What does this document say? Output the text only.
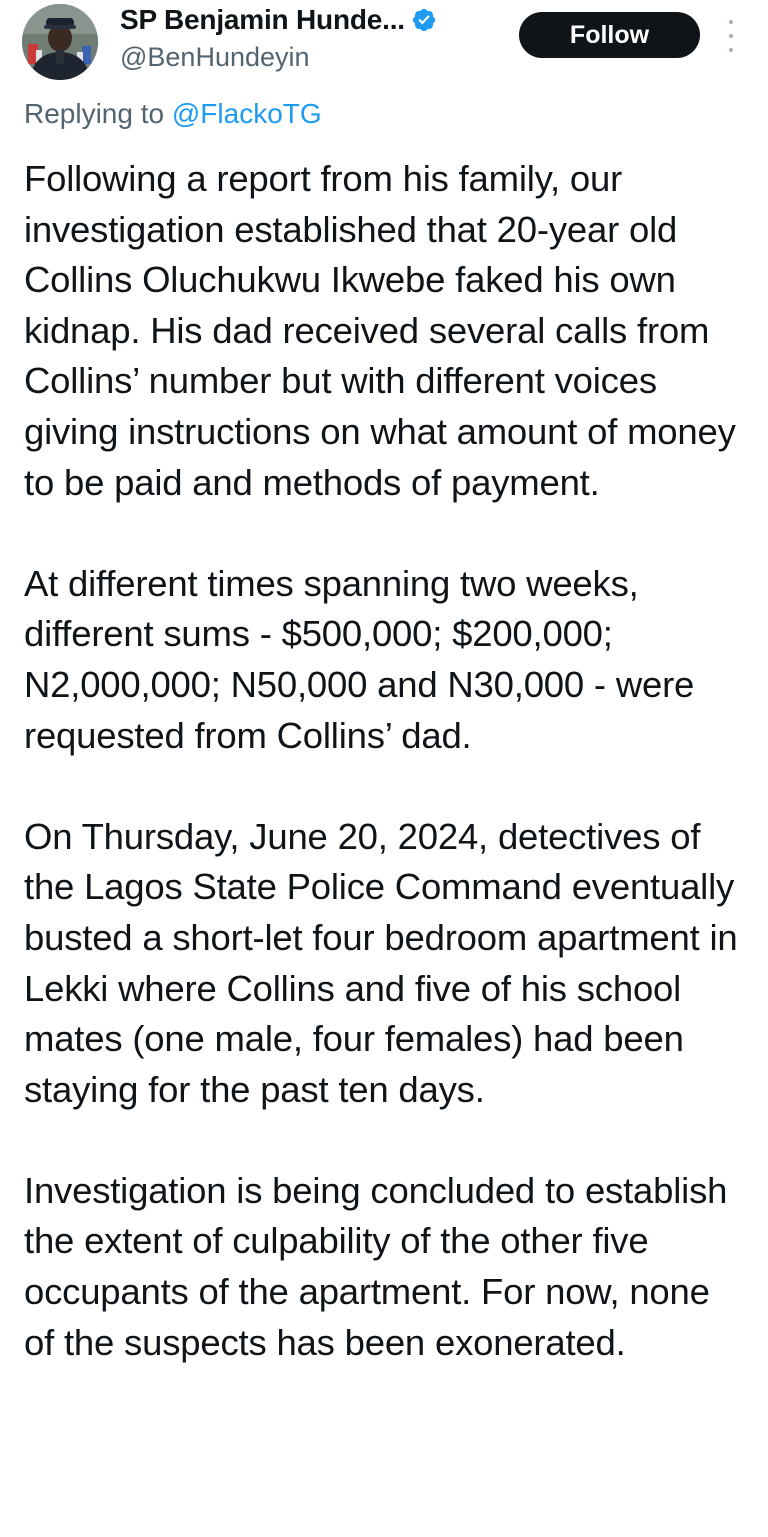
SP Benjamin Hunde...
@BenHundeyin
Follow
Replying to @FlackoTG

Following a report from his family, our investigation established that 20-year old Collins Oluchukwu Ikwebe faked his own kidnap. His dad received several calls from Collins’ number but with different voices giving instructions on what amount of money to be paid and methods of payment.

At different times spanning two weeks, different sums - $500,000; $200,000; N2,000,000; N50,000 and N30,000 - were requested from Collins’ dad.

On Thursday, June 20, 2024, detectives of the Lagos State Police Command eventually busted a short-let four bedroom apartment in Lekki where Collins and five of his school mates (one male, four females) had been staying for the past ten days.

Investigation is being concluded to establish the extent of culpability of the other five occupants of the apartment. For now, none of the suspects has been exonerated.
